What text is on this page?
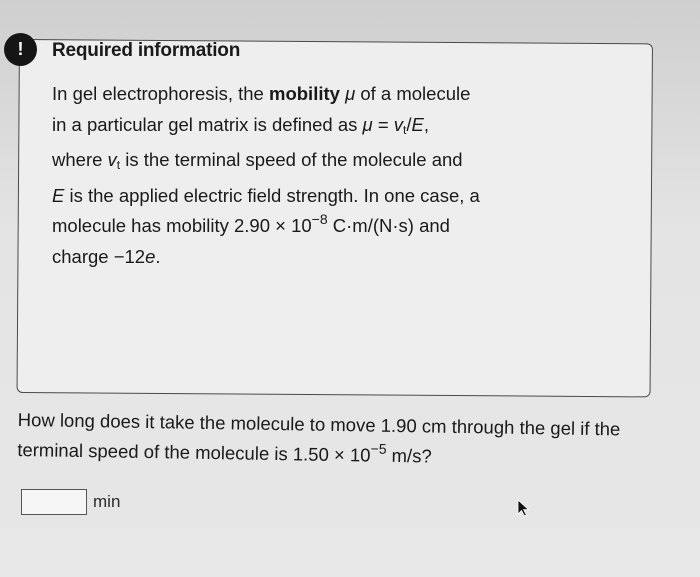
!	Required information
In gel electrophoresis, the mobility μ of a molecule
in a particular gel matrix is defined as $\mu = v_t/E$,
where $v_t$ is the terminal speed of the molecule and
E is the applied electric field strength. In one case, a
molecule has mobility $2.90 \times 10^{-8}$ C·m/(N·s) and
charge −12e.
How long does it take the molecule to move 1.90 cm through the gel if the terminal speed of the molecule is $1.50 \times 10^{-5}$ m/s?
min
